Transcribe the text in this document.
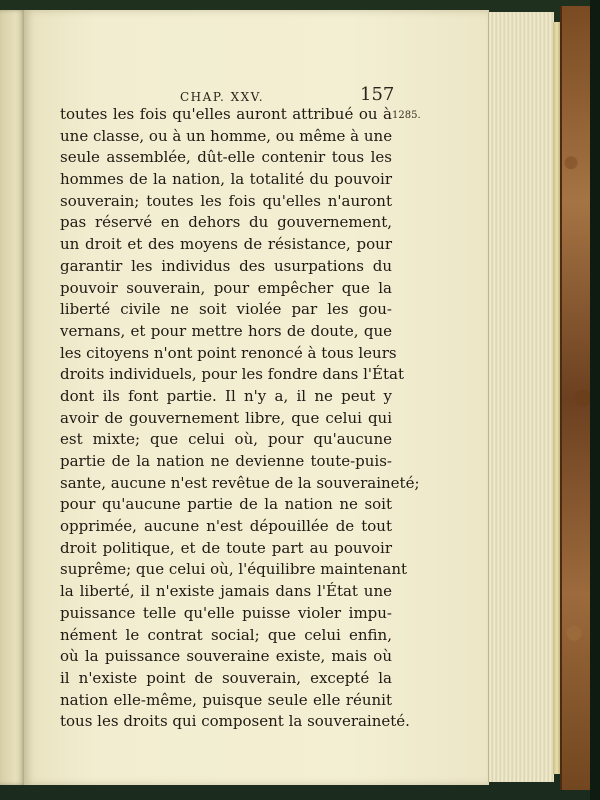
CHAP. XXV.	157
1285.
toutes les fois qu'elles auront attribué ou à
une classe, ou à un homme, ou même à une
seule assemblée, dût-elle contenir tous les
hommes de la nation, la totalité du pouvoir
souverain; toutes les fois qu'elles n'auront
pas réservé en dehors du gouvernement,
un droit et des moyens de résistance, pour
garantir les individus des usurpations du
pouvoir souverain, pour empêcher que la
liberté civile ne soit violée par les gou-
vernans, et pour mettre hors de doute, que
les citoyens n'ont point renoncé à tous leurs
droits individuels, pour les fondre dans l'État
dont ils font partie. Il n'y a, il ne peut y
avoir de gouvernement libre, que celui qui
est mixte; que celui où, pour qu'aucune
partie de la nation ne devienne toute-puis-
sante, aucune n'est revêtue de la souveraineté;
pour qu'aucune partie de la nation ne soit
opprimée, aucune n'est dépouillée de tout
droit politique, et de toute part au pouvoir
suprême; que celui où, l'équilibre maintenant
la liberté, il n'existe jamais dans l'État une
puissance telle qu'elle puisse violer impu-
nément le contrat social; que celui enfin,
où la puissance souveraine existe, mais où
il n'existe point de souverain, excepté la
nation elle-même, puisque seule elle réunit
tous les droits qui composent la souveraineté.
